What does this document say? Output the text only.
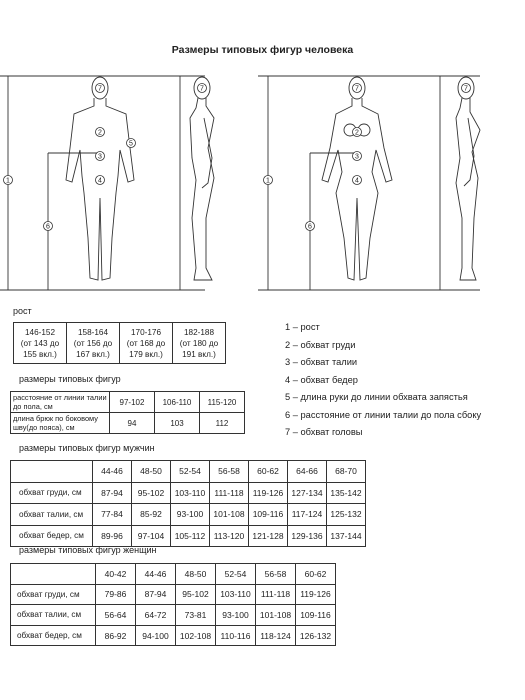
Размеры типовых фигур человека
1	1
2	2
3	3
4	4
5
6	6
7	7	7	7
рост
146-152
(от 143 до
155 вкл.)

158-164
(от 156 до
167 вкл.)

170-176
(от 168 до
179 вкл.)

182-188
(от 180 до
191 вкл.)
размеры типовых фигур
расстояние от линии талии до пола, см	97-102	106-110	115-120
длина брюк по боковому шву(до пояса), см	94	103	112
1 – рост
2 – обхват груди
3 – обхват талии
4 – обхват бедер
5 – длина руки до линии обхвата запястья
6 – расстояние от линии талии до пола сбоку
7 – обхват головы
размеры типовых фигур мужчин
	44-46	48-50	52-54	56-58	60-62	64-66	68-70
обхват груди, см	87-94	95-102	103-110	111-118	119-126	127-134	135-142
обхват талии, см	77-84	85-92	93-100	101-108	109-116	117-124	125-132
обхват бедер, см	89-96	97-104	105-112	113-120	121-128	129-136	137-144
размеры типовых фигур женщин
	40-42	44-46	48-50	52-54	56-58	60-62
обхват груди, см	79-86	87-94	95-102	103-110	111-118	119-126
обхват талии, см	56-64	64-72	73-81	93-100	101-108	109-116
обхват бедер, см	86-92	94-100	102-108	110-116	118-124	126-132
